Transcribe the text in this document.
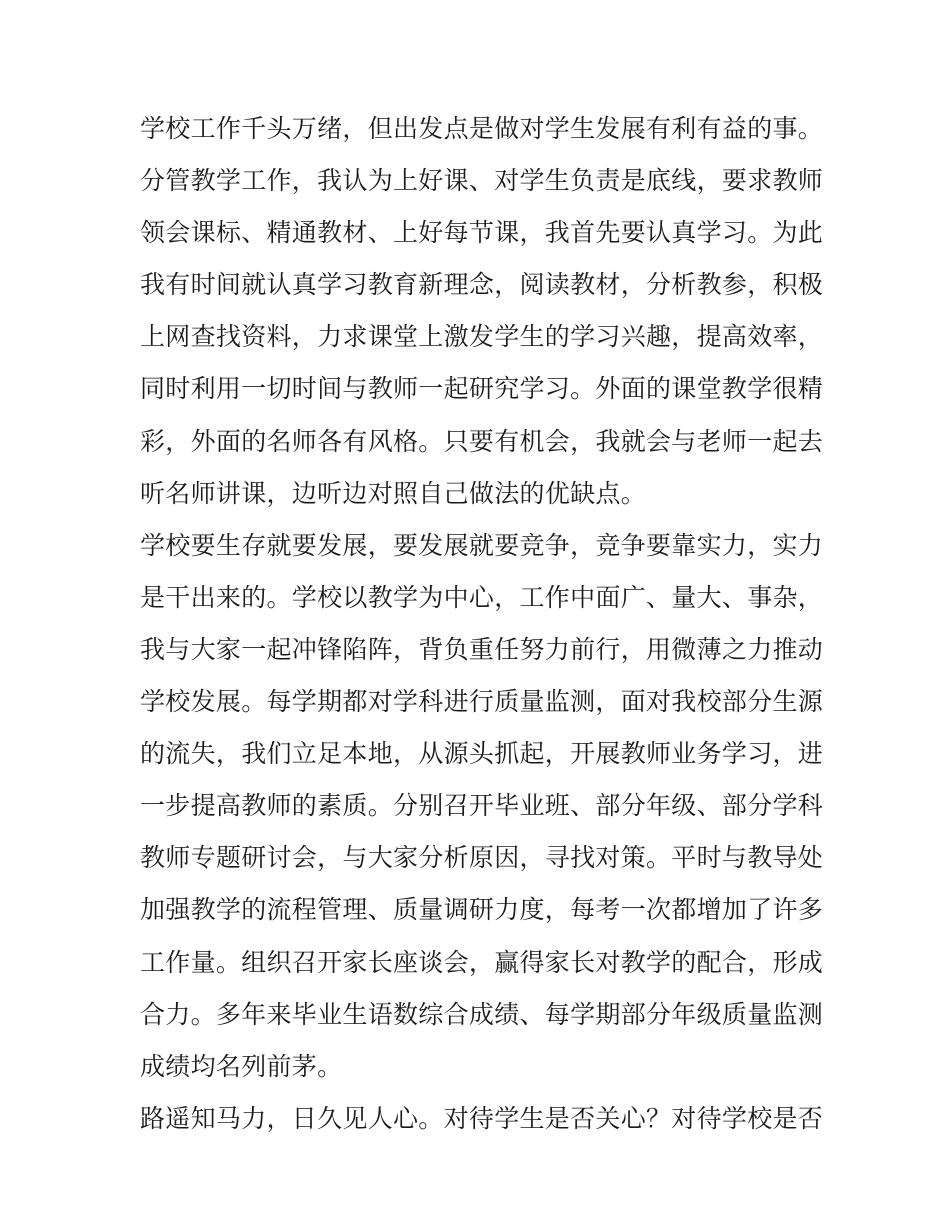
学校工作千头万绪，但出发点是做对学生发展有利有益的事。
分管教学工作，我认为上好课、对学生负责是底线，要求教师
领会课标、精通教材、上好每节课，我首先要认真学习。为此
我有时间就认真学习教育新理念，阅读教材，分析教参，积极
上网查找资料，力求课堂上激发学生的学习兴趣，提高效率，
同时利用一切时间与教师一起研究学习。外面的课堂教学很精
彩，外面的名师各有风格。只要有机会，我就会与老师一起去
听名师讲课，边听边对照自己做法的优缺点。
学校要生存就要发展，要发展就要竞争，竞争要靠实力，实力
是干出来的。学校以教学为中心，工作中面广、量大、事杂，
我与大家一起冲锋陷阵，背负重任努力前行，用微薄之力推动
学校发展。每学期都对学科进行质量监测，面对我校部分生源
的流失，我们立足本地，从源头抓起，开展教师业务学习，进
一步提高教师的素质。分别召开毕业班、部分年级、部分学科
教师专题研讨会，与大家分析原因，寻找对策。平时与教导处
加强教学的流程管理、质量调研力度，每考一次都增加了许多
工作量。组织召开家长座谈会，赢得家长对教学的配合，形成
合力。多年来毕业生语数综合成绩、每学期部分年级质量监测
成绩均名列前茅。
路遥知马力，日久见人心。对待学生是否关心？对待学校是否
